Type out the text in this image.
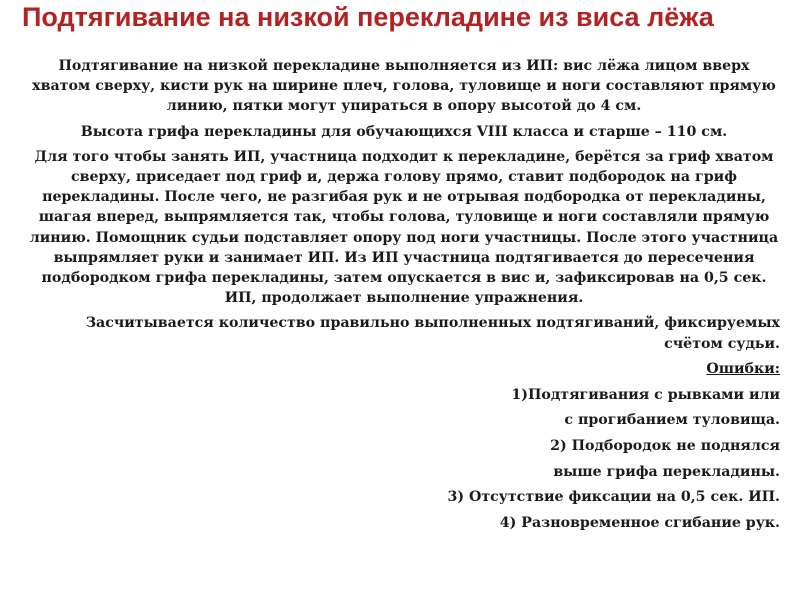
Подтягивание на низкой перекладине из виса лёжа

Подтягивание на низкой перекладине выполняется из ИП: вис лёжа лицом вверх хватом сверху, кисти рук на ширине плеч, голова, туловище и ноги составляют прямую линию, пятки могут упираться в опору высотой до 4 см.

Высота грифа перекладины для обучающихся VIII класса и старше – 110 см.

Для того чтобы занять ИП, участница подходит к перекладине, берётся за гриф хватом сверху, приседает под гриф и, держа голову прямо, ставит подбородок на гриф перекладины. После чего, не разгибая рук и не отрывая подбородка от перекладины, шагая вперед, выпрямляется так, чтобы голова, туловище и ноги составляли прямую линию. Помощник судьи подставляет опору под ноги участницы. После этого участница выпрямляет руки и занимает ИП. Из ИП участница подтягивается до пересечения подбородком грифа перекладины, затем опускается в вис и, зафиксировав на 0,5 сек. ИП, продолжает выполнение упражнения.

Засчитывается количество правильно выполненных подтягиваний, фиксируемых счётом судьи.

Ошибки:
1)Подтягивания с рывками или
с прогибанием туловища.
2) Подбородок не поднялся
выше грифа перекладины.
3) Отсутствие фиксации на 0,5 сек. ИП.
4) Разновременное сгибание рук.
